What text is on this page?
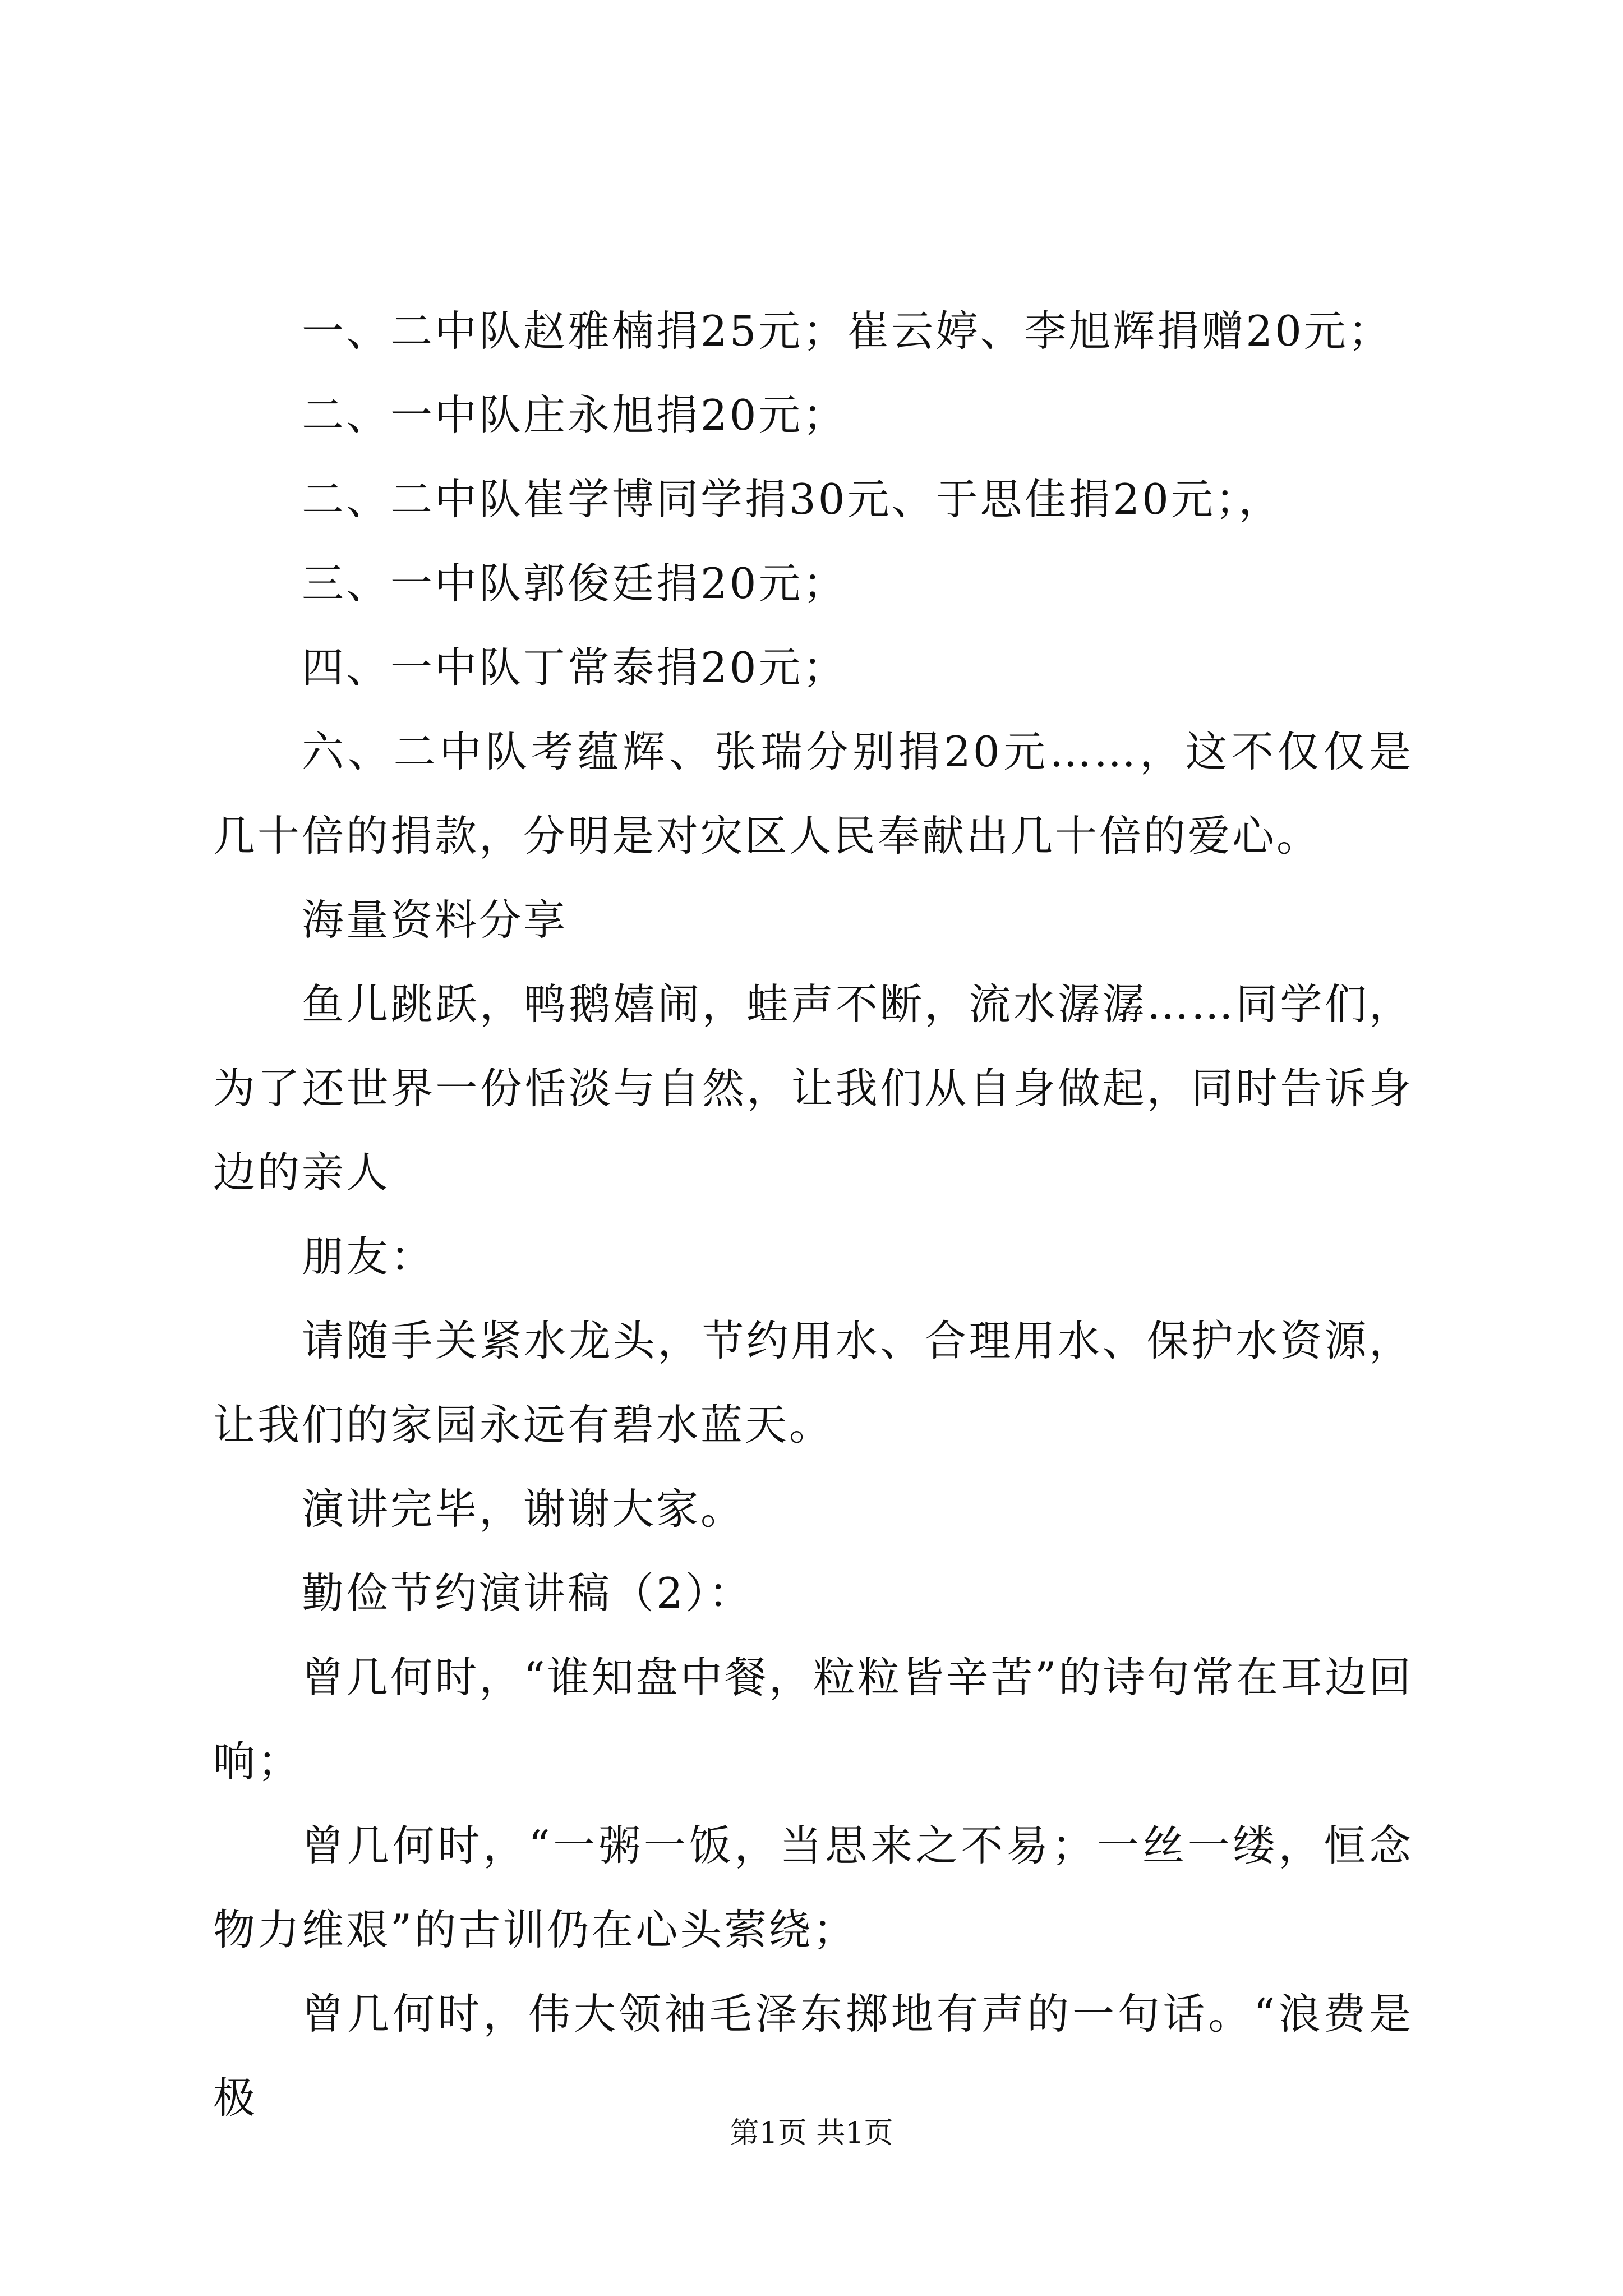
一、二中队赵雅楠捐25元；崔云婷、李旭辉捐赠20元；

二、一中队庄永旭捐20元；

二、二中队崔学博同学捐30元、于思佳捐20元；，

三、一中队郭俊廷捐20元；

四、一中队丁常泰捐20元；

六、二中队考蕴辉、张瑞分别捐20元……，这不仅仅是几十倍的捐款，分明是对灾区人民奉献出几十倍的爱心。

海量资料分享

鱼儿跳跃，鸭鹅嬉闹，蛙声不断，流水潺潺……同学们，为了还世界一份恬淡与自然，让我们从自身做起，同时告诉身边的亲人

朋友：

请随手关紧水龙头，节约用水、合理用水、保护水资源，让我们的家园永远有碧水蓝天。

演讲完毕，谢谢大家。

勤俭节约演讲稿（2）：

曾几何时，“谁知盘中餐，粒粒皆辛苦”的诗句常在耳边回响；

曾几何时，“一粥一饭，当思来之不易；一丝一缕，恒念物力维艰”的古训仍在心头萦绕；

曾几何时，伟大领袖毛泽东掷地有声的一句话。“浪费是极

第1页 共1页
